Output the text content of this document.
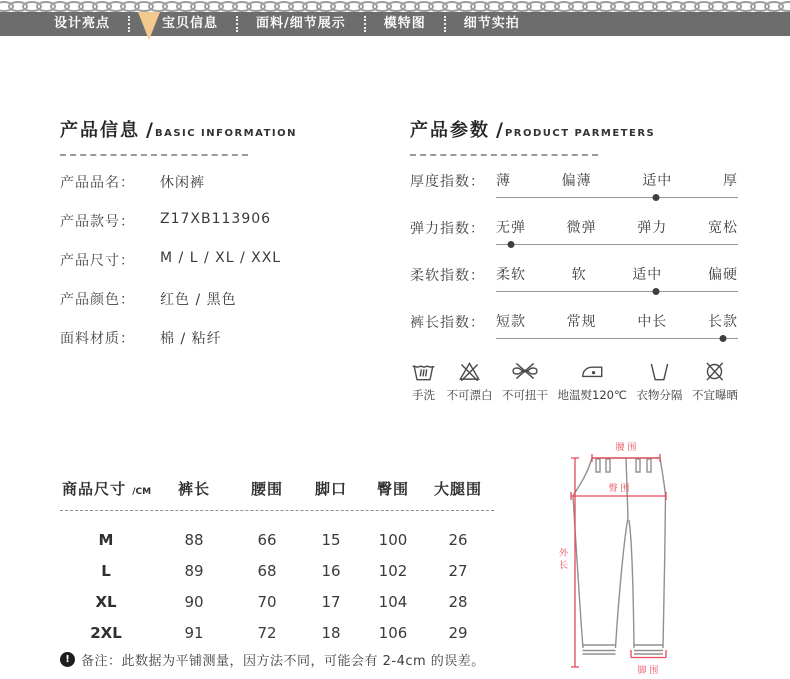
设计亮点	宝贝信息	面料/细节展示	模特图	细节实拍
产品信息 / BASIC INFORMATION
产品品名：	休闲裤
产品款号：	Z17XB113906
产品尺寸：	M / L / XL / XXL
产品颜色：	红色 / 黑色
面料材质：	棉 / 粘纤
产品参数 / PRODUCT PARMETERS
厚度指数： 薄	偏薄	适中	厚
弹力指数： 无弹	微弹	弹力	宽松
柔软指数： 柔软	软	适中	偏硬
裤长指数： 短款	常规	中长	长款
手洗 不可漂白 不可扭干 地温熨120℃ 衣物分隔 不宜曝晒
商品尺寸 /CM	裤长	腰围	脚口	臀围	大腿围
M	88	66	15	100	26
L	89	68	16	102	27
XL	90	70	17	104	28
2XL	91	72	18	106	29
腰 围
臀 围
外长
脚 围
! 备注：此数据为平铺测量，因方法不同，可能会有 2-4cm 的误差。
